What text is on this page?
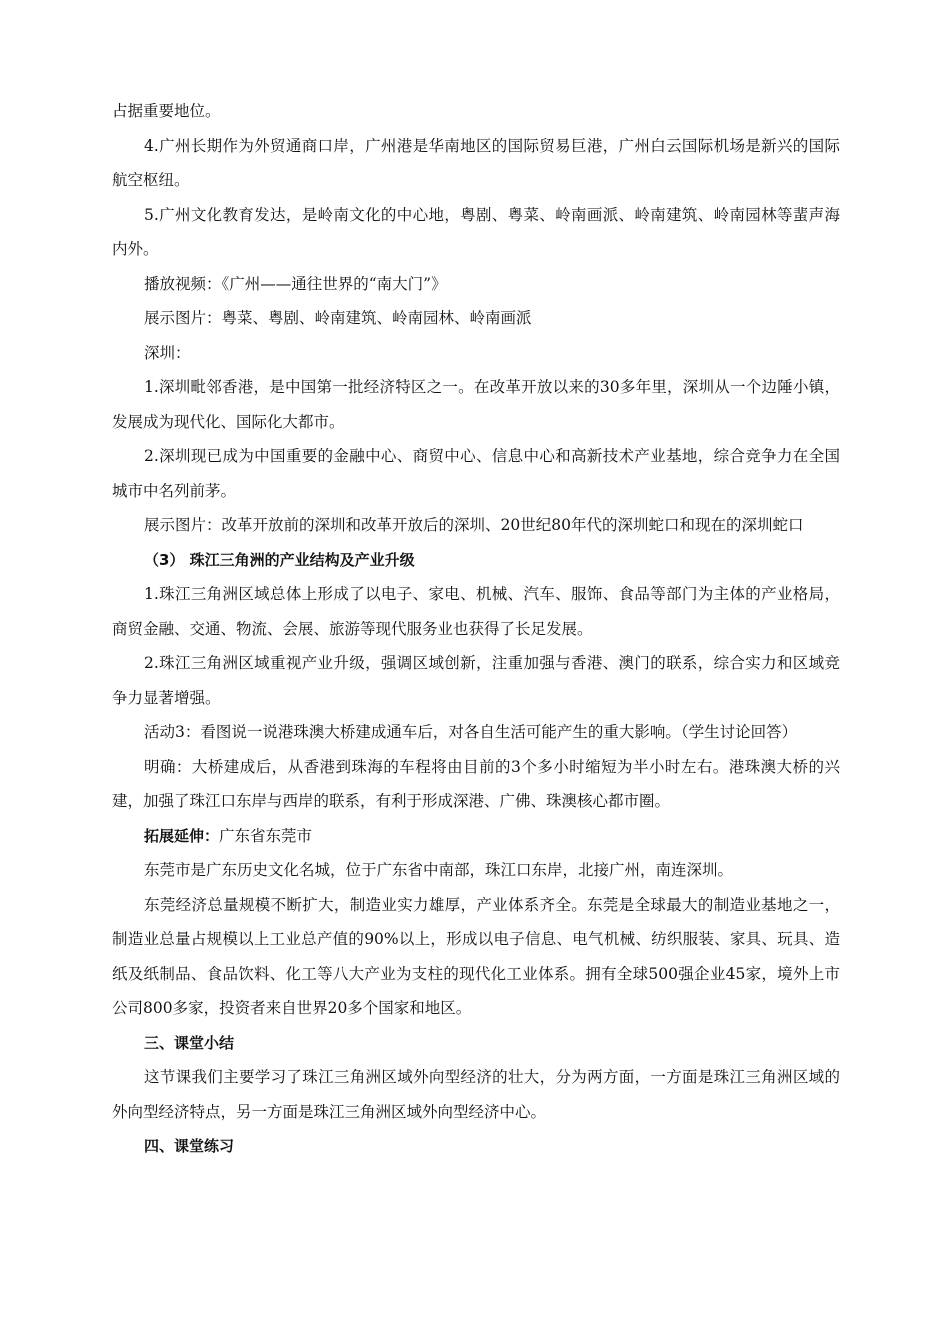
占据重要地位。

4.广州长期作为外贸通商口岸，广州港是华南地区的国际贸易巨港，广州白云国际机场是新兴的国际航空枢纽。

5.广州文化教育发达，是岭南文化的中心地，粤剧、粤菜、岭南画派、岭南建筑、岭南园林等蜚声海内外。

播放视频：《广州——通往世界的“南大门”》

展示图片：粤菜、粤剧、岭南建筑、岭南园林、岭南画派

深圳：

1.深圳毗邻香港，是中国第一批经济特区之一。在改革开放以来的30多年里，深圳从一个边陲小镇，发展成为现代化、国际化大都市。

2.深圳现已成为中国重要的金融中心、商贸中心、信息中心和高新技术产业基地，综合竞争力在全国城市中名列前茅。

展示图片：改革开放前的深圳和改革开放后的深圳、20世纪80年代的深圳蛇口和现在的深圳蛇口

（3） 珠江三角洲的产业结构及产业升级

1.珠江三角洲区域总体上形成了以电子、家电、机械、汽车、服饰、食品等部门为主体的产业格局，商贸金融、交通、物流、会展、旅游等现代服务业也获得了长足发展。

2.珠江三角洲区域重视产业升级，强调区域创新，注重加强与香港、澳门的联系，综合实力和区域竞争力显著增强。

活动3：看图说一说港珠澳大桥建成通车后，对各自生活可能产生的重大影响。（学生讨论回答）

明确：大桥建成后，从香港到珠海的车程将由目前的3个多小时缩短为半小时左右。港珠澳大桥的兴建，加强了珠江口东岸与西岸的联系，有利于形成深港、广佛、珠澳核心都市圈。

拓展延伸：广东省东莞市

东莞市是广东历史文化名城，位于广东省中南部，珠江口东岸，北接广州，南连深圳。

东莞经济总量规模不断扩大，制造业实力雄厚，产业体系齐全。东莞是全球最大的制造业基地之一，制造业总量占规模以上工业总产值的90%以上，形成以电子信息、电气机械、纺织服装、家具、玩具、造纸及纸制品、食品饮料、化工等八大产业为支柱的现代化工业体系。拥有全球500强企业45家，境外上市公司800多家，投资者来自世界20多个国家和地区。

三、课堂小结

这节课我们主要学习了珠江三角洲区域外向型经济的壮大，分为两方面，一方面是珠江三角洲区域的外向型经济特点，另一方面是珠江三角洲区域外向型经济中心。

四、课堂练习
